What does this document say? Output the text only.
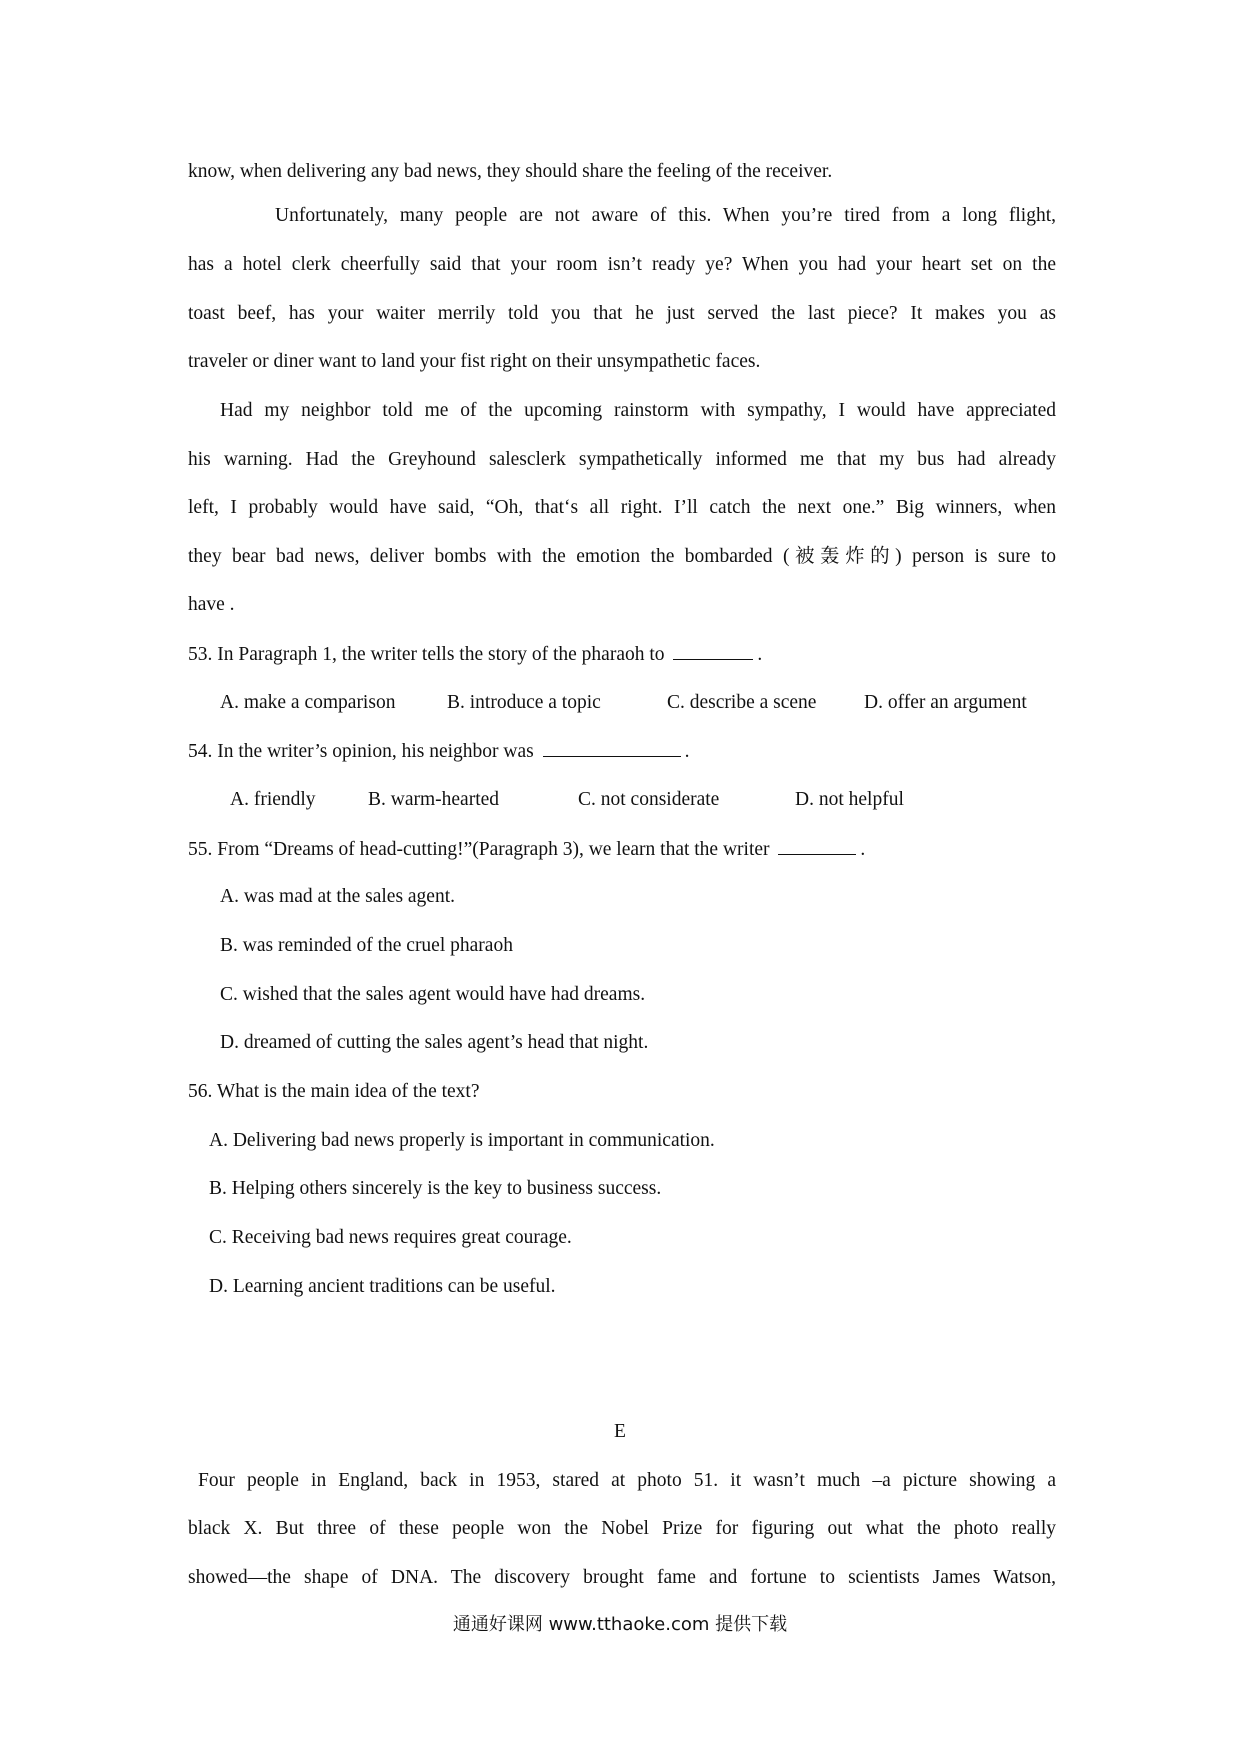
know, when delivering any bad news, they should share the feeling of the receiver.
Unfortunately, many people are not aware of this. When you’re tired from a long flight,
has a hotel clerk cheerfully said that your room isn’t ready ye? When you had your heart set on the
toast beef, has your waiter merrily told you that he just served the last piece? It makes you as
traveler or diner want to land your fist right on their unsympathetic faces.
Had my neighbor told me of the upcoming rainstorm with sympathy, I would have appreciated
his warning. Had the Greyhound salesclerk sympathetically informed me that my bus had already
left, I probably would have said, “Oh, that‘s all right. I’ll catch the next one.” Big winners, when
they bear bad news, deliver bombs with the emotion the bombarded (被轰炸的) person is sure to
have .
53. In Paragraph 1, the writer tells the story of the pharaoh to	.
A. make a comparison	B. introduce a topic	C. describe a scene D. offer an argument
54. In the writer’s opinion, his neighbor was	.
A. friendly	B. warm-hearted	C. not considerate	D. not helpful
55. From “Dreams of head-cutting!”(Paragraph 3), we learn that the writer	.
A. was mad at the sales agent.
B. was reminded of the cruel pharaoh
C. wished that the sales agent would have had dreams.
D. dreamed of cutting the sales agent’s head that night.
56. What is the main idea of the text?
A. Delivering bad news properly is important in communication.
B. Helping others sincerely is the key to business success.
C. Receiving bad news requires great courage.
D. Learning ancient traditions can be useful.
E
Four people in England, back in 1953, stared at photo 51. it wasn’t much –a picture showing a
black X. But three of these people won the Nobel Prize for figuring out what the photo really
showed—the shape of DNA. The discovery brought fame and fortune to scientists James Watson,
通通好课网 www.tthaoke.com 提供下载
